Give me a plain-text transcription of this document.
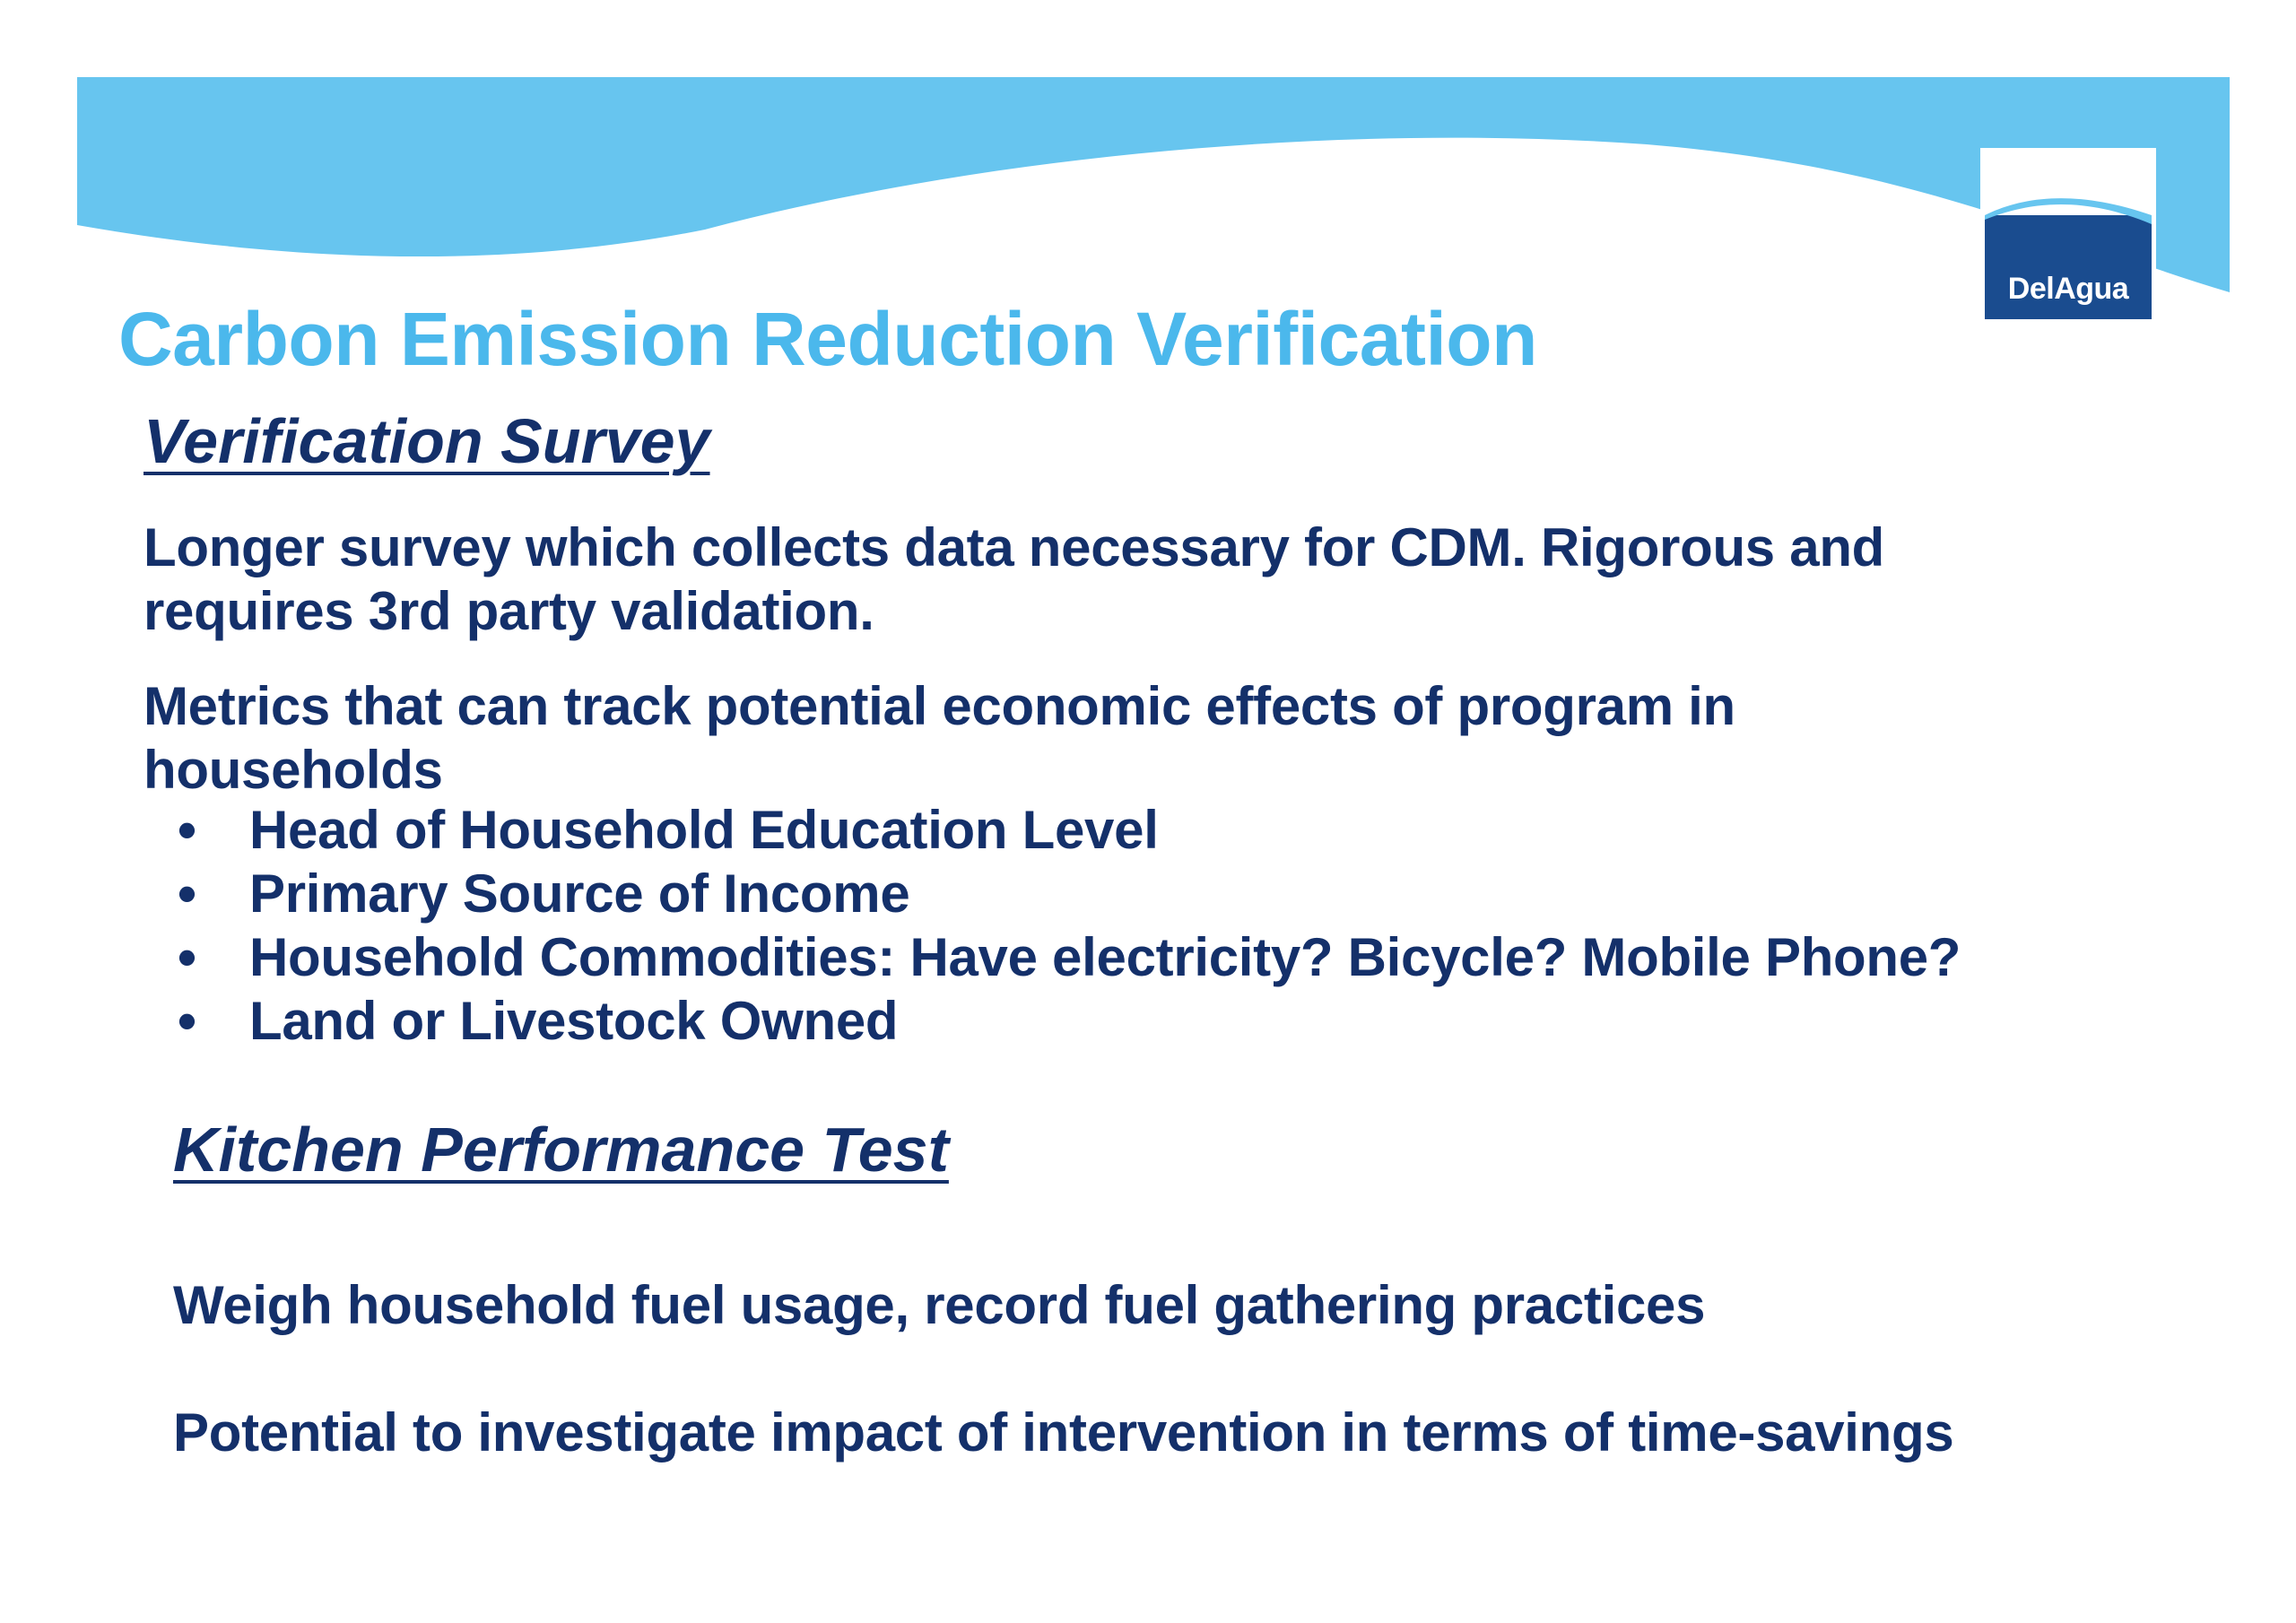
DelAgua
Carbon Emission Reduction Verification
Verification Survey

Longer survey which collects data necessary for CDM. Rigorous and requires 3rd party validation.

Metrics that can track potential economic effects of program in households

• Head of Household Education Level
• Primary Source of Income
• Household Commodities: Have electricity? Bicycle? Mobile Phone?
• Land or Livestock Owned
Kitchen Performance Test

Weigh household fuel usage, record fuel gathering practices

Potential to investigate impact of intervention in terms of time-savings
